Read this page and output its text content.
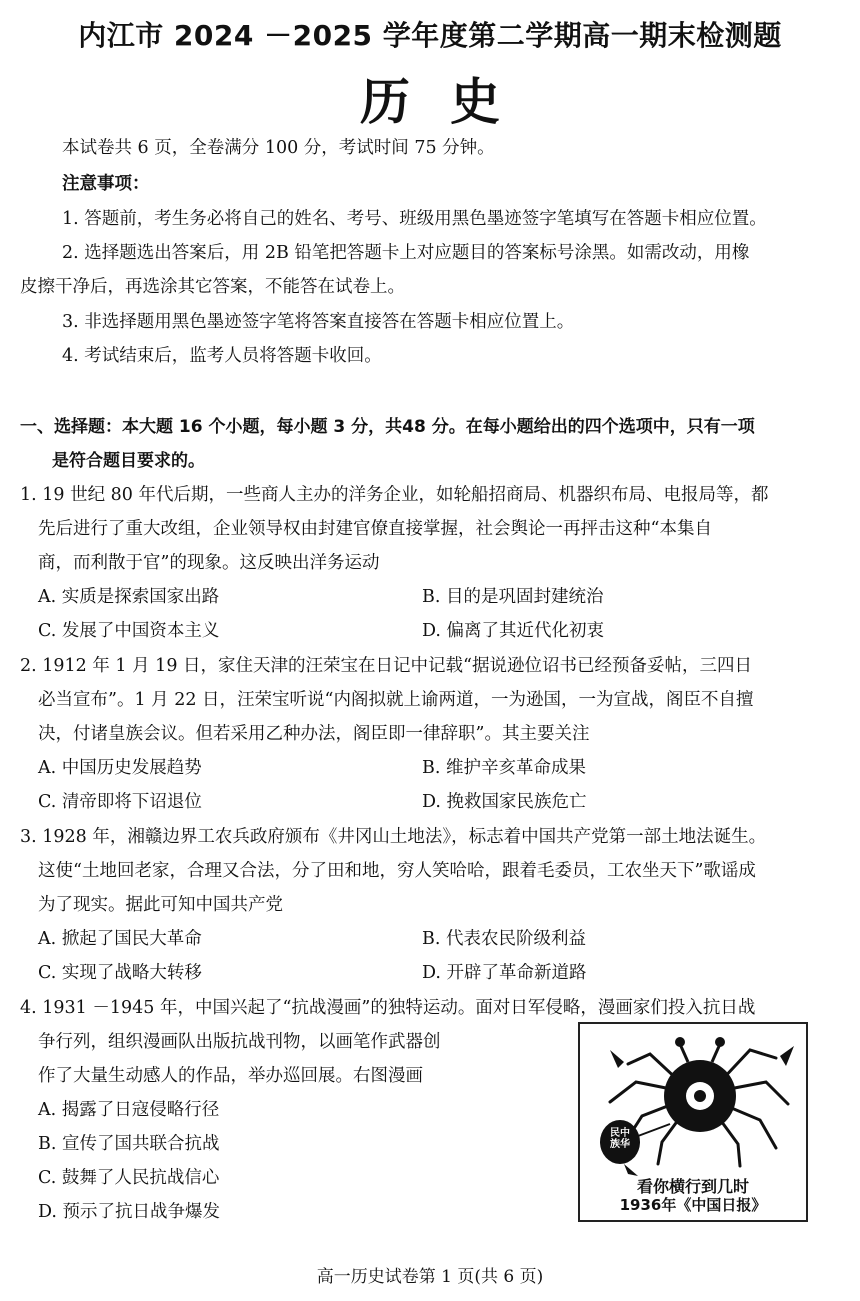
内江市 2024 －2025 学年度第二学期高一期末检测题
历史
本试卷共 6 页，全卷满分 100 分，考试时间 75 分钟。
注意事项：
1. 答题前，考生务必将自己的姓名、考号、班级用黑色墨迹签字笔填写在答题卡相应位置。
2. 选择题选出答案后，用 2B 铅笔把答题卡上对应题目的答案标号涂黑。如需改动，用橡
皮擦干净后，再选涂其它答案，不能答在试卷上。
3. 非选择题用黑色墨迹签字笔将答案直接答在答题卡相应位置上。
4. 考试结束后，监考人员将答题卡收回。
一、选择题：本大题 16 个小题，每小题 3 分，共48 分。在每小题给出的四个选项中，只有一项
是符合题目要求的。
1. 19 世纪 80 年代后期，一些商人主办的洋务企业，如轮船招商局、机器织布局、电报局等，都
先后进行了重大改组，企业领导权由封建官僚直接掌握，社会舆论一再抨击这种“本集自
商，而利散于官”的现象。这反映出洋务运动
A. 实质是探索国家出路	B. 目的是巩固封建统治
C. 发展了中国资本主义	D. 偏离了其近代化初衷
2. 1912 年 1 月 19 日，家住天津的汪荣宝在日记中记载“据说逊位诏书已经预备妥帖，三四日
必当宣布”。1 月 22 日，汪荣宝听说“内阁拟就上谕两道，一为逊国，一为宣战，阁臣不自擅
决，付诸皇族会议。但若采用乙种办法，阁臣即一律辞职”。其主要关注
A. 中国历史发展趋势	B. 维护辛亥革命成果
C. 清帝即将下诏退位	D. 挽救国家民族危亡
3. 1928 年，湘赣边界工农兵政府颁布《井冈山土地法》，标志着中国共产党第一部土地法诞生。
这使“土地回老家，合理又合法，分了田和地，穷人笑哈哈，跟着毛委员，工农坐天下”歌谣成
为了现实。据此可知中国共产党
A. 掀起了国民大革命	B. 代表农民阶级利益
C. 实现了战略大转移	D. 开辟了革命新道路
4. 1931 －1945 年，中国兴起了“抗战漫画”的独特运动。面对日军侵略，漫画家们投入抗日战
争行列，组织漫画队出版抗战刊物，以画笔作武器创
作了大量生动感人的作品，举办巡回展。右图漫画
A. 揭露了日寇侵略行径
B. 宣传了国共联合抗战
C. 鼓舞了人民抗战信心
D. 预示了抗日战争爆发
民中族华
看你横行到几时
1936年《中国日报》
高一历史试卷第 1 页(共 6 页)
